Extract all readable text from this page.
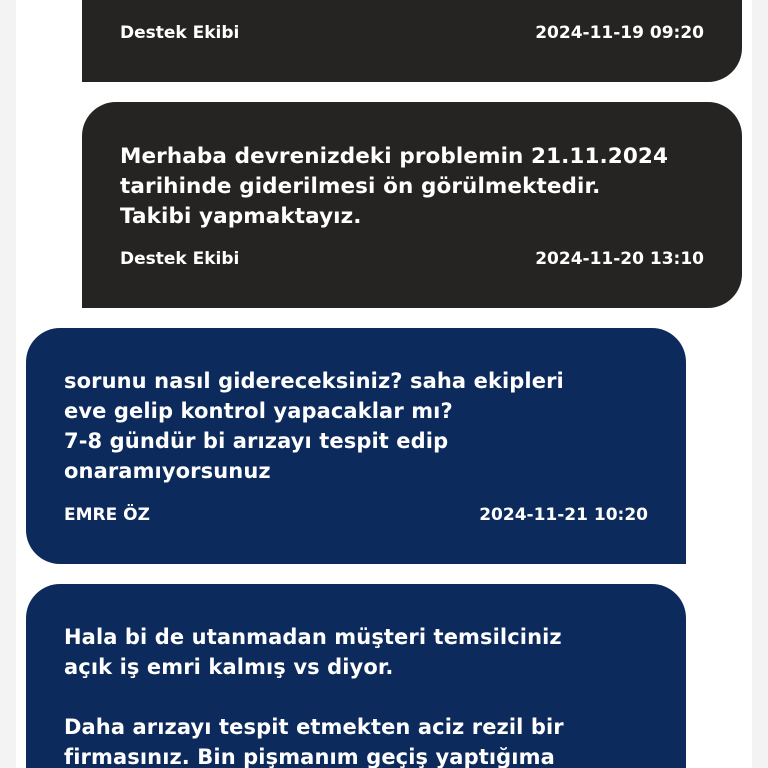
Destek Ekibi	2024-11-19 09:20
Merhaba devrenizdeki problemin 21.11.2024
tarihinde giderilmesi ön görülmektedir.
Takibi yapmaktayız.
Destek Ekibi	2024-11-20 13:10
sorunu nasıl gidereceksiniz? saha ekipleri
eve gelip kontrol yapacaklar mı?
7-8 gündür bi arızayı tespit edip
onaramıyorsunuz
EMRE ÖZ	2024-11-21 10:20
Hala bi de utanmadan müşteri temsilciniz
açık iş emri kalmış vs diyor.

Daha arızayı tespit etmekten aciz rezil bir
firmasınız. Bin pişmanım geçiş yaptığıma
